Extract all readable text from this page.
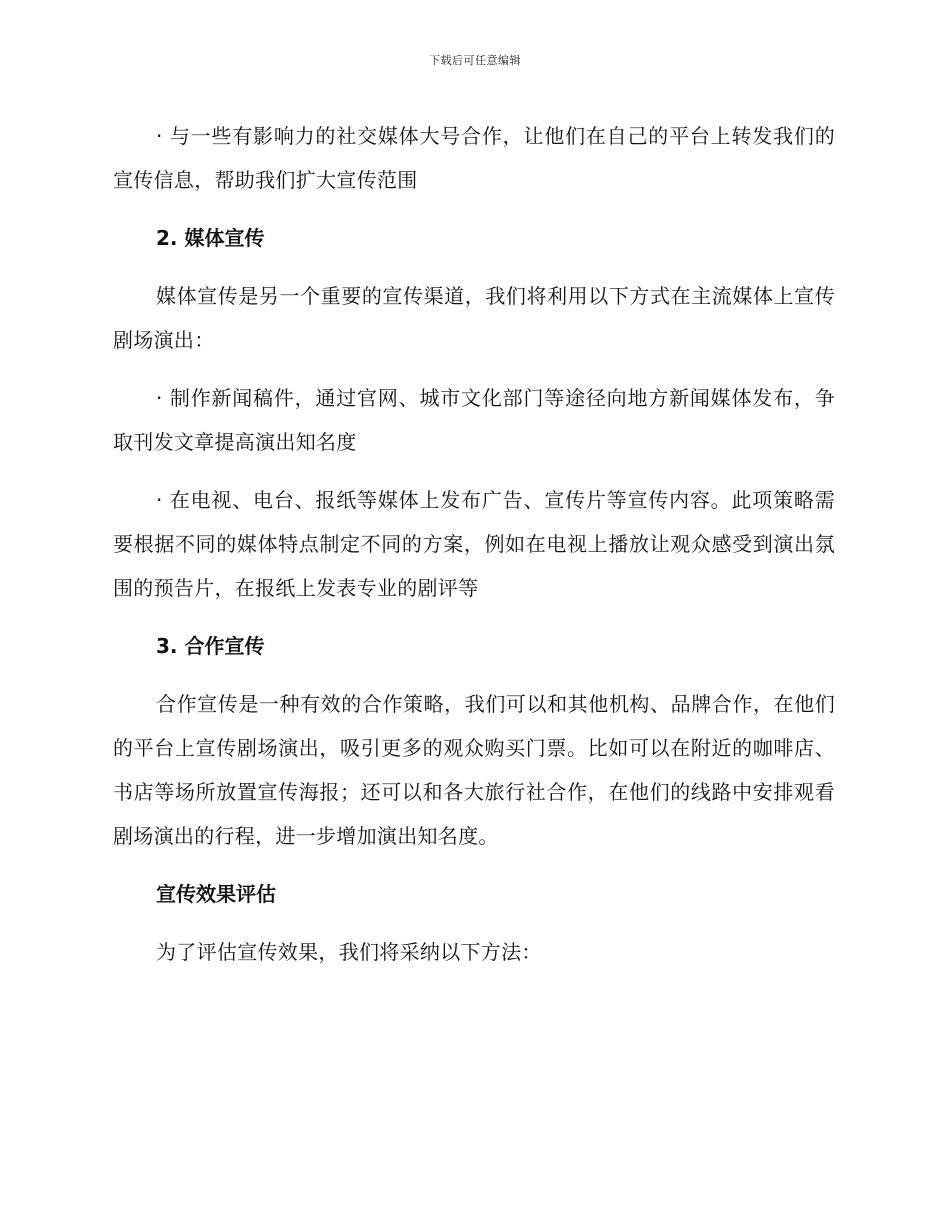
下载后可任意编辑

· 与一些有影响力的社交媒体大号合作，让他们在自己的平台上转发我们的宣传信息，帮助我们扩大宣传范围

2. 媒体宣传

媒体宣传是另一个重要的宣传渠道，我们将利用以下方式在主流媒体上宣传剧场演出：

· 制作新闻稿件，通过官网、城市文化部门等途径向地方新闻媒体发布，争取刊发文章提高演出知名度

· 在电视、电台、报纸等媒体上发布广告、宣传片等宣传内容。此项策略需要根据不同的媒体特点制定不同的方案，例如在电视上播放让观众感受到演出氛围的预告片，在报纸上发表专业的剧评等

3. 合作宣传

合作宣传是一种有效的合作策略，我们可以和其他机构、品牌合作，在他们的平台上宣传剧场演出，吸引更多的观众购买门票。比如可以在附近的咖啡店、书店等场所放置宣传海报；还可以和各大旅行社合作，在他们的线路中安排观看剧场演出的行程，进一步增加演出知名度。

宣传效果评估

为了评估宣传效果，我们将采纳以下方法：
